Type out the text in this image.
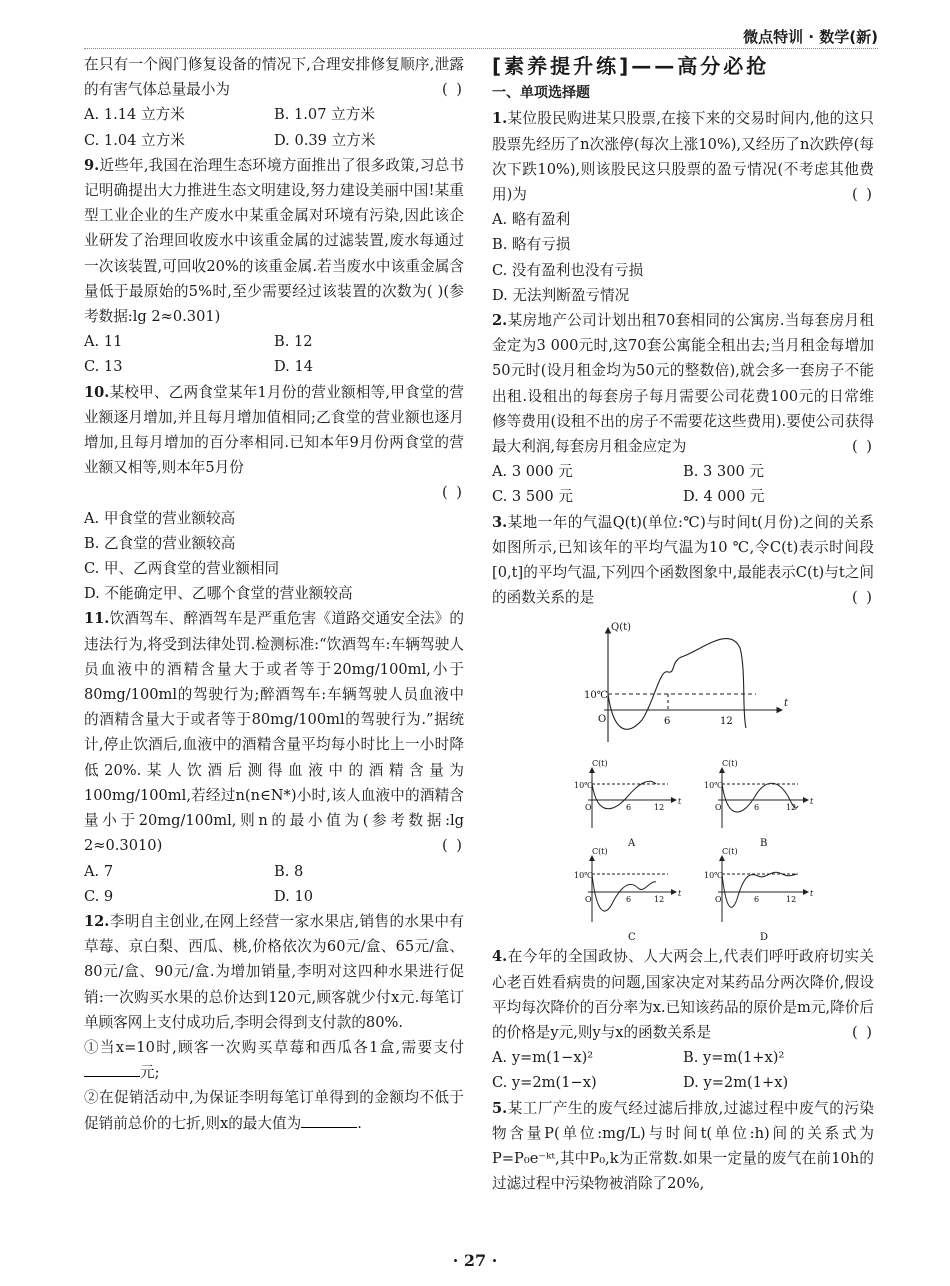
微点特训 · 数学(新)
在只有一个阀门修复设备的情况下,合理安排修复顺序,泄露的有害气体总量最小为	( )
A. 1.14 立方米	B. 1.07 立方米
C. 1.04 立方米	D. 0.39 立方米
9.近些年,我国在治理生态环境方面推出了很多政策,习总书记明确提出大力推进生态文明建设,努力建设美丽中国!某重型工业企业的生产废水中某重金属对环境有污染,因此该企业研发了治理回收废水中该重金属的过滤装置,废水每通过一次该装置,可回收20%的该重金属.若当废水中该重金属含量低于最原始的5%时,至少需要经过该装置的次数为( )(参考数据:lg 2≈0.301)
A. 11	B. 12
C. 13	D. 14
10.某校甲、乙两食堂某年1月份的营业额相等,甲食堂的营业额逐月增加,并且每月增加值相同;乙食堂的营业额也逐月增加,且每月增加的百分率相同.已知本年9月份两食堂的营业额又相等,则本年5月份
( )
A. 甲食堂的营业额较高
B. 乙食堂的营业额较高
C. 甲、乙两食堂的营业额相同
D. 不能确定甲、乙哪个食堂的营业额较高
11.饮酒驾车、醉酒驾车是严重危害《道路交通安全法》的违法行为,将受到法律处罚.检测标准:“饮酒驾车:车辆驾驶人员血液中的酒精含量大于或者等于20mg/100ml,小于80mg/100ml的驾驶行为;醉酒驾车:车辆驾驶人员血液中的酒精含量大于或者等于80mg/100ml的驾驶行为.”据统计,停止饮酒后,血液中的酒精含量平均每小时比上一小时降低20%.某人饮酒后测得血液中的酒精含量为100mg/100ml,若经过n(n∈N*)小时,该人血液中的酒精含量小于20mg/100ml,则n的最小值为(参考数据:lg 2≈0.3010)	( )
A. 7	B. 8
C. 9	D. 10
12.李明自主创业,在网上经营一家水果店,销售的水果中有草莓、京白梨、西瓜、桃,价格依次为60元/盒、65元/盒、80元/盒、90元/盒.为增加销量,李明对这四种水果进行促销:一次购买水果的总价达到120元,顾客就少付x元.每笔订单顾客网上支付成功后,李明会得到支付款的80%.
①当x=10时,顾客一次购买草莓和西瓜各1盒,需要支付元;
②在促销活动中,为保证李明每笔订单得到的金额均不低于促销前总价的七折,则x的最大值为	.
[素养提升练]——高分必抢
一、单项选择题
1.某位股民购进某只股票,在接下来的交易时间内,他的这只股票先经历了n次涨停(每次上涨10%),又经历了n次跌停(每次下跌10%),则该股民这只股票的盈亏情况(不考虑其他费用)为	( )
A. 略有盈利
B. 略有亏损
C. 没有盈利也没有亏损
D. 无法判断盈亏情况
2.某房地产公司计划出租70套相同的公寓房.当每套房月租金定为3 000元时,这70套公寓能全租出去;当月租金每增加50元时(设月租金均为50元的整数倍),就会多一套房子不能出租.设租出的每套房子每月需要公司花费100元的日常维修等费用(设租不出的房子不需要花这些费用).要使公司获得最大利润,每套房月租金应定为	( )
A. 3 000 元	B. 3 300 元
C. 3 500 元	D. 4 000 元
3.某地一年的气温Q(t)(单位:℃)与时间t(月份)之间的关系如图所示,已知该年的平均气温为10 ℃,令C(t)表示时间段[0,t]的平均气温,下列四个函数图象中,最能表示C(t)与t之间的函数关系的是	( )
Q(t)
t
10℃
O	6	12
C(t)
10℃
O	6	12
t
A
C(t)
10℃
O	6	12
t
B
C(t)
10℃
O	6	12
t
C
C(t)
10℃
O	6	12
t
D
4.在今年的全国政协、人大两会上,代表们呼吁政府切实关心老百姓看病贵的问题,国家决定对某药品分两次降价,假设平均每次降价的百分率为x.已知该药品的原价是m元,降价后的价格是y元,则y与x的函数关系是	( )
A. y=m(1−x)²	B. y=m(1+x)²
C. y=2m(1−x)	D. y=2m(1+x)
5.某工厂产生的废气经过滤后排放,过滤过程中废气的污染物含量P(单位:mg/L)与时间t(单位:h)间的关系式为P=P₀e⁻ᵏᵗ,其中P₀,k为正常数.如果一定量的废气在前10h的过滤过程中污染物被消除了20%,
· 27 ·
